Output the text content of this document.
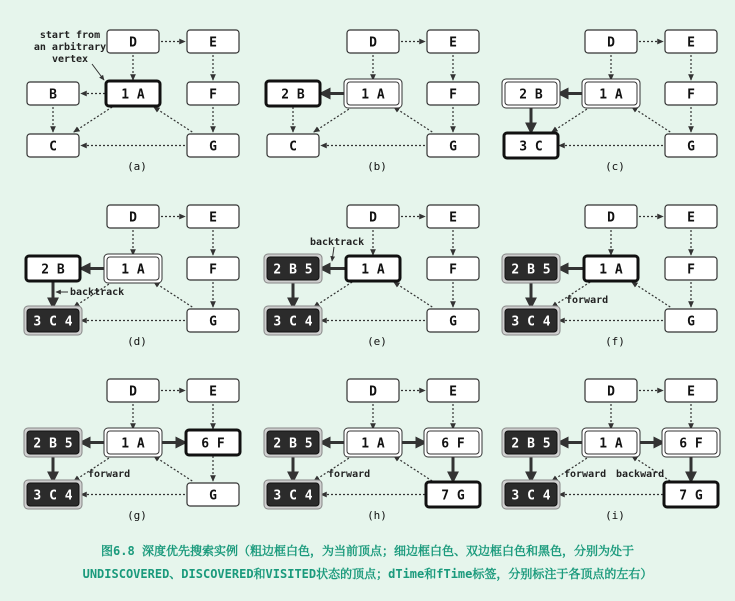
D	E
B	1 A	F
C	G
(a)
start from
an arbitrary
vertex
D	E
2 B	1 A	F
C	G
(b)
D	E
2 B	1 A	F
3 C	G
(c)
D	E
2 B	1 A	F
3 C 4	G
(d)
backtrack
D	E
2 B 5	1 A	F
3 C 4	G
(e)
backtrack
D	E
2 B 5	1 A	F
3 C 4	G
(f)
forward
D	E
2 B 5	1 A	6 F
3 C 4	G
(g)
forward
D	E
2 B 5	1 A	6 F
3 C 4	7 G
(h)
forward
D	E
2 B 5	1 A	6 F
3 C 4	7 G
(i)
forward backward
图6.8 深度优先搜索实例（粗边框白色，为当前顶点；细边框白色、双边框白色和黑色，分别为处于
UNDISCOVERED、DISCOVERED和VISITED状态的顶点；dTime和fTime标签，分别标注于各顶点的左右）
